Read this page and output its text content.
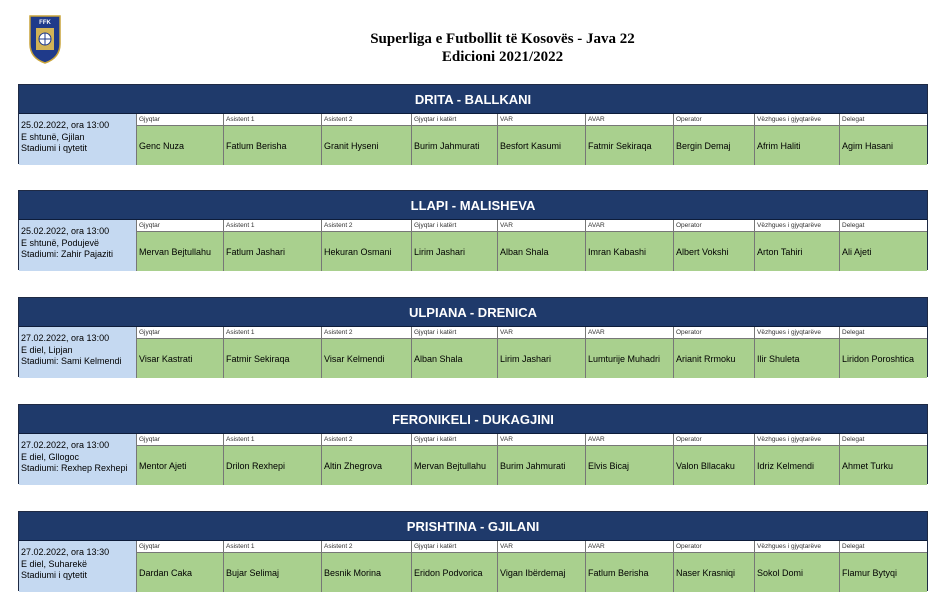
FFK
Superliga e Futbollit të Kosovës - Java 22
Edicioni 2021/2022
DRITA - BALLKANI
25.02.2022, ora 13:00
E shtunë, Gjilan
Stadiumi i qytetit
Gjyqtar
Genc Nuza
Asistent 1
Fatlum Berisha
Asistent 2
Granit Hyseni
Gjyqtar i katërt
Burim Jahmurati
VAR
Besfort Kasumi
AVAR
Fatmir Sekiraqa
Operator
Bergin Demaj
Vëzhgues i gjyqtarëve
Afrim Haliti
Delegat
Agim Hasani
LLAPI - MALISHEVA
25.02.2022, ora 13:00
E shtunë, Podujevë
Stadiumi: Zahir Pajaziti
Gjyqtar
Mervan Bejtullahu
Asistent 1
Fatlum Jashari
Asistent 2
Hekuran Osmani
Gjyqtar i katërt
Lirim Jashari
VAR
Alban Shala
AVAR
Imran Kabashi
Operator
Albert Vokshi
Vëzhgues i gjyqtarëve
Arton Tahiri
Delegat
Ali Ajeti
ULPIANA - DRENICA
27.02.2022, ora 13:00
E diel, Lipjan
Stadiumi: Sami Kelmendi
Gjyqtar
Visar Kastrati
Asistent 1
Fatmir Sekiraqa
Asistent 2
Visar Kelmendi
Gjyqtar i katërt
Alban Shala
VAR
Lirim Jashari
AVAR
Lumturije Muhadri
Operator
Arianit Rrmoku
Vëzhgues i gjyqtarëve
Ilir Shuleta
Delegat
Liridon Poroshtica
FERONIKELI - DUKAGJINI
27.02.2022, ora 13:00
E diel, Gllogoc
Stadiumi: Rexhep Rexhepi
Gjyqtar
Mentor Ajeti
Asistent 1
Drilon Rexhepi
Asistent 2
Altin Zhegrova
Gjyqtar i katërt
Mervan Bejtullahu
VAR
Burim Jahmurati
AVAR
Elvis Bicaj
Operator
Valon Bllacaku
Vëzhgues i gjyqtarëve
Idriz Kelmendi
Delegat
Ahmet Turku
PRISHTINA - GJILANI
27.02.2022, ora 13:30
E diel, Suharekë
Stadiumi i qytetit
Gjyqtar
Dardan Caka
Asistent 1
Bujar Selimaj
Asistent 2
Besnik Morina
Gjyqtar i katërt
Eridon Podvorica
VAR
Vigan Ibërdemaj
AVAR
Fatlum Berisha
Operator
Naser Krasniqi
Vëzhgues i gjyqtarëve
Sokol Domi
Delegat
Flamur Bytyqi
